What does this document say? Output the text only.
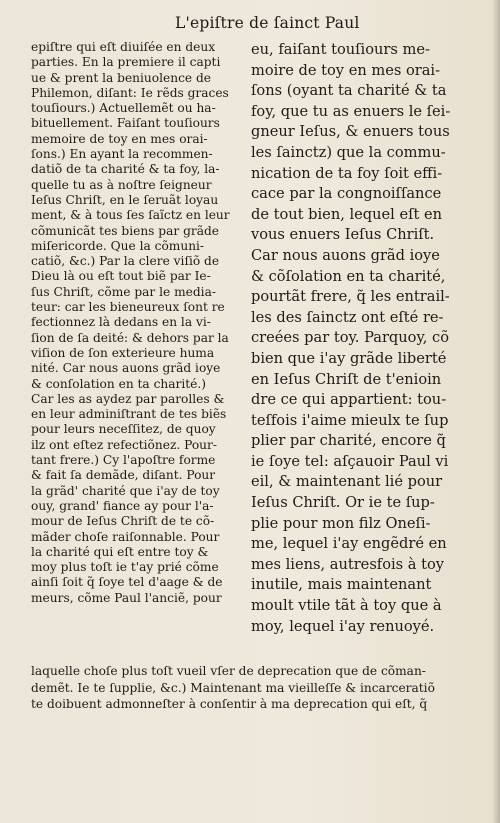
L'epiſtre de ſainct Paul
epiſtre qui eſt diuiſée en deux
parties. En la premiere il capti
ue & prent la beniuolence de
Philemon, diſant: Ie rẽds graces
touſiours.) Actuellemẽt ou ha-
bituellement. Faiſant touſiours
memoire de toy en mes orai-
ſons.) En ayant la recommen-
datiõ de ta charité & ta foy, la-
quelle tu as à noſtre ſeigneur
Ieſus Chriſt, en le ſeruãt loyau
ment, & à tous ſes ſaĩctz en leur
cõmunicãt tes biens par grãde
miſericorde. Que la cõmuni-
catiõ, &c.) Par la clere viſiõ de
Dieu là ou eſt tout biẽ par Ie-
ſus Chriſt, cõme par le media-
teur: car les bieneureux ſont re
fectionnez là dedans en la vi-
ſion de ſa deité: & dehors par la
viſion de ſon exterieure huma
nité. Car nous auons grãd ioye
& conſolation en ta charité.)
Car les as aydez par parolles &
en leur adminiſtrant de tes biẽs
pour leurs neceſſitez, de quoy
ilz ont eſtez refectiõnez. Pour-
tant frere.) Cy l'apoſtre forme
& fait ſa demãde, diſant. Pour
la grãd' charité que i'ay de toy
ouy, grand' fiance ay pour l'a-
mour de Ieſus Chriſt de te cõ-
mãder choſe raiſonnable. Pour
la charité qui eſt entre toy &
moy plus toſt ie t'ay prié cõme
ainſi ſoit q̃ ſoye tel d'aage & de
meurs, cõme Paul l'anciẽ, pour
eu, faiſant touſiours me-
moire de toy en mes orai-
ſons (oyant ta charité & ta
foy, que tu as enuers le ſei-
gneur Ieſus, & enuers tous
les ſainctz) que la commu-
nication de ta foy ſoit effi-
cace par la congnoiſſance
de tout bien, lequel eſt en
vous enuers Ieſus Chriſt.
Car nous auons grãd ioye
& cõſolation en ta charité,
pourtãt frere, q̃ les entrail-
les des ſainctz ont eſté re-
creées par toy. Parquoy, cõ
bien que i'ay grãde liberté
en Ieſus Chriſt de t'enioin
dre ce qui appartient: tou-
teſfois i'aime mieulx te ſup
plier par charité, encore q̃
ie ſoye tel: aſçauoir Paul vi
eil, & maintenant lié pour
Ieſus Chriſt. Or ie te ſup-
plie pour mon filz Oneſi-
me, lequel i'ay engẽdré en
mes liens, autresfois à toy
inutile, mais maintenant
moult vtile tãt à toy que à
moy, lequel i'ay renuoyé.
laquelle choſe plus toſt vueil vſer de deprecation que de cõman-
demẽt. Ie te ſupplie, &c.) Maintenant ma vieilleſſe & incarceratiõ
te doibuent admonneſter à conſentir à ma deprecation qui eſt, q̃
